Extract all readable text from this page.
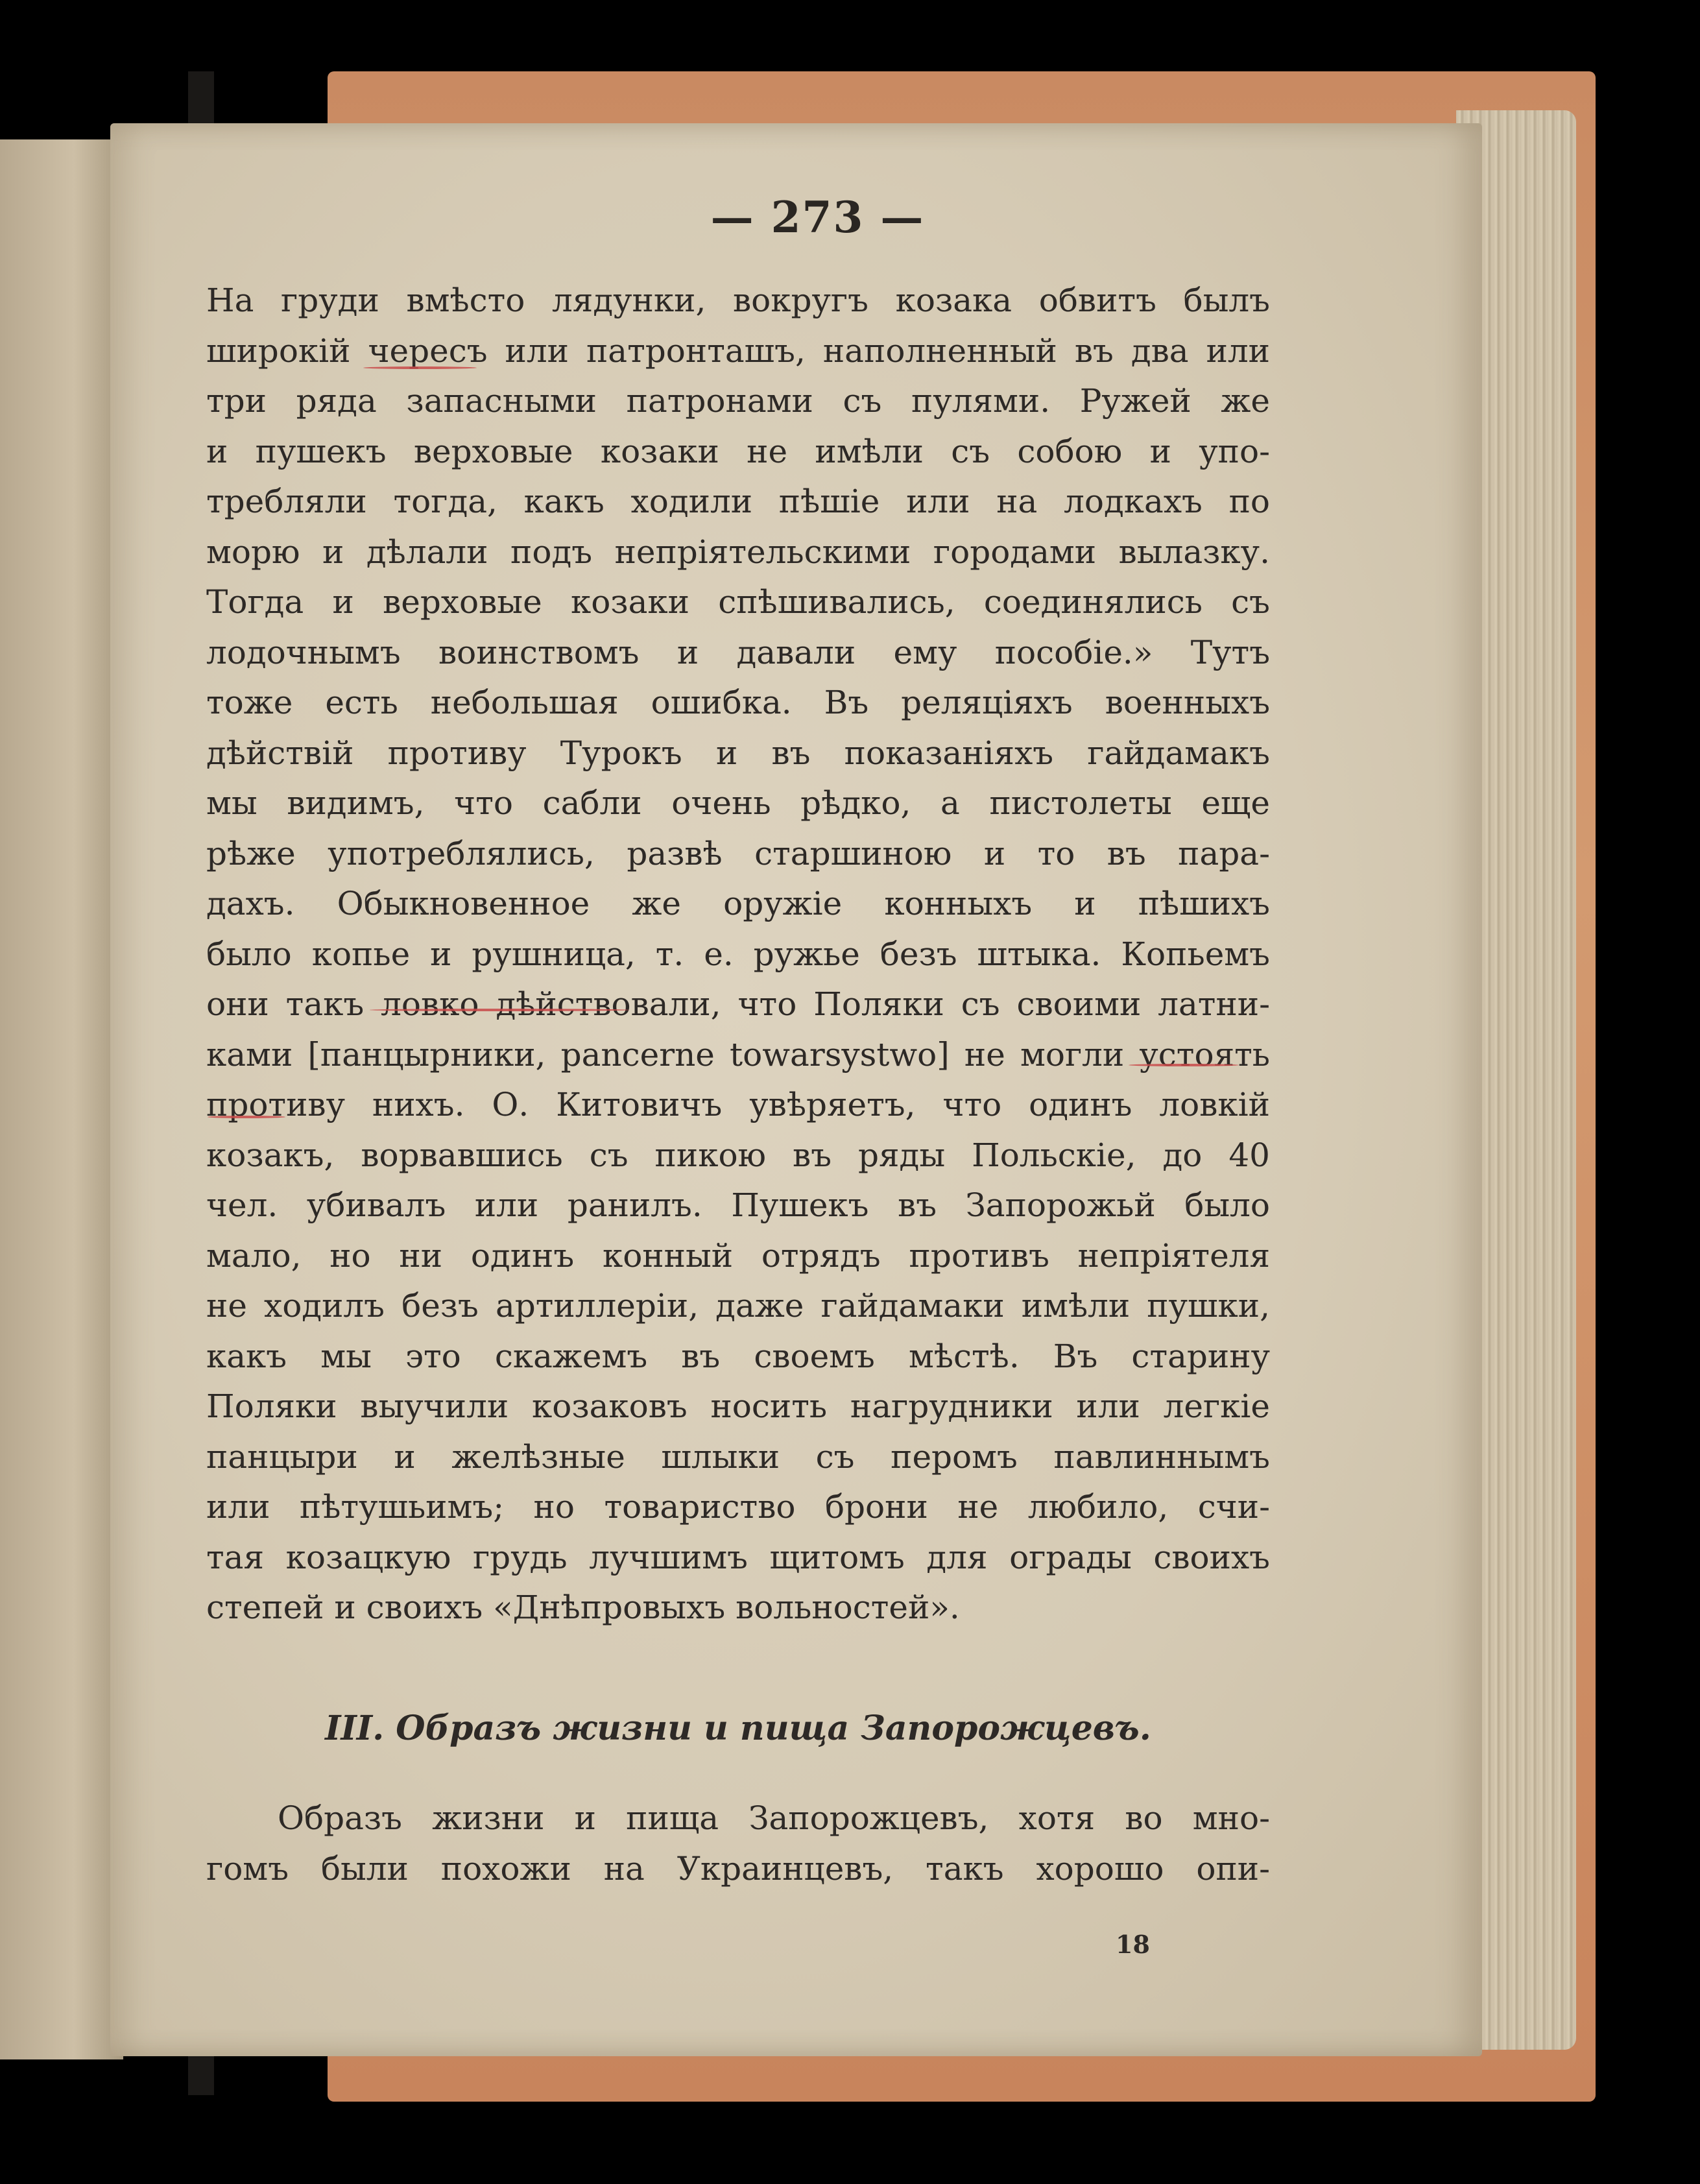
— 273 —
На груди вмѣсто лядунки, вокругъ козака обвитъ былъ
широкій чересъ или патронташъ, наполненный въ два или
три ряда запасными патронами съ пулями. Ружей же
и пушекъ верховые козаки не имѣли съ собою и упо-
требляли тогда, какъ ходили пѣшіе или на лодкахъ по
морю и дѣлали подъ непріятельскими городами вылазку.
Тогда и верховые козаки спѣшивались, соединялись съ
лодочнымъ воинствомъ и давали ему пособіе.» Тутъ
тоже есть небольшая ошибка. Въ реляціяхъ военныхъ
дѣйствій противу Турокъ и въ показаніяхъ гайдамакъ
мы видимъ, что сабли очень рѣдко, а пистолеты еще
рѣже употреблялись, развѣ старшиною и то въ пара-
дахъ. Обыкновенное же оружіе конныхъ и пѣшихъ
было копье и рушница, т. е. ружье безъ штыка. Копьемъ
они такъ ловко дѣйствовали, что Поляки съ своими латни-
ками [панцырники, pancerne towarsystwo] не могли устоять
противу нихъ. О. Китовичъ увѣряетъ, что одинъ ловкій
козакъ, ворвавшись съ пикою въ ряды Польскіе, до 40
чел. убивалъ или ранилъ. Пушекъ въ Запорожьй было
мало, но ни одинъ конный отрядъ противъ непріятеля
не ходилъ безъ артиллеріи, даже гайдамаки имѣли пушки,
какъ мы это скажемъ въ своемъ мѣстѣ. Въ старину
Поляки выучили козаковъ носить нагрудники или легкіе
панцыри и желѣзные шлыки съ перомъ павлиннымъ
или пѣтушьимъ; но товариство брони не любило, счи-
тая козацкую грудь лучшимъ щитомъ для ограды своихъ
степей и своихъ «Днѣпровыхъ вольностей».
III. Образъ жизни и пища Запорожцевъ.
Образъ жизни и пища Запорожцевъ, хотя во мно-
гомъ были похожи на Украинцевъ, такъ хорошо опи-
18
